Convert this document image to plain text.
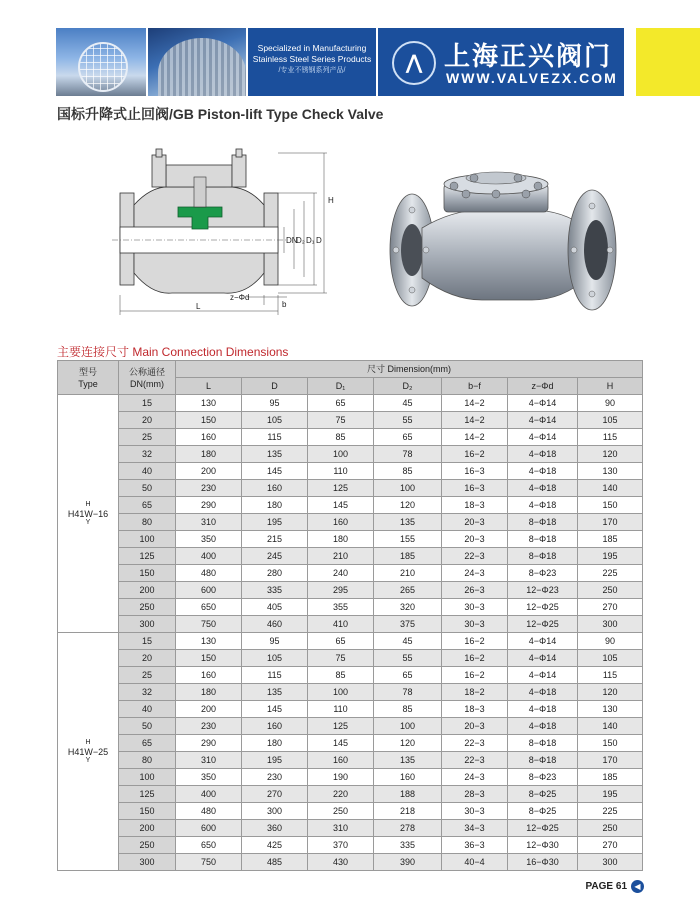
Specialized in Manufacturing
Stainless Steel Series Products
/专业不锈钢系列产品/	⋀ 上海正兴阀门
WWW.VALVEZX.COM
国标升降式止回阀/GB Piston-lift Type Check Valve
H
DN
D₂ D₁ D
z−Φd
b
L
主要连接尺寸 Main Connection Dimensions
型号
Type	公称通径
DN(mm)	尺寸 Dimension(mm)						
		L	D	D₁	D₂	b−f	z−Φd	H

H
H41W−16
Y	15	130	95	65	45	14−2	4−Φ14	90
	20	150	105	75	55	14−2	4−Φ14	105
	25	160	115	85	65	14−2	4−Φ14	115
	32	180	135	100	78	16−2	4−Φ18	120
	40	200	145	110	85	16−3	4−Φ18	130
	50	230	160	125	100	16−3	4−Φ18	140
	65	290	180	145	120	18−3	4−Φ18	150
	80	310	195	160	135	20−3	8−Φ18	170
	100	350	215	180	155	20−3	8−Φ18	185
	125	400	245	210	185	22−3	8−Φ18	195
	150	480	280	240	210	24−3	8−Φ23	225
	200	600	335	295	265	26−3	12−Φ23	250
	250	650	405	355	320	30−3	12−Φ25	270
	300	750	460	410	375	30−3	12−Φ25	300

H
H41W−25
Y	15	130	95	65	45	16−2	4−Φ14	90
	20	150	105	75	55	16−2	4−Φ14	105
	25	160	115	85	65	16−2	4−Φ14	115
	32	180	135	100	78	18−2	4−Φ18	120
	40	200	145	110	85	18−3	4−Φ18	130
	50	230	160	125	100	20−3	4−Φ18	140
	65	290	180	145	120	22−3	8−Φ18	150
	80	310	195	160	135	22−3	8−Φ18	170
	100	350	230	190	160	24−3	8−Φ23	185
	125	400	270	220	188	28−3	8−Φ25	195
	150	480	300	250	218	30−3	8−Φ25	225
	200	600	360	310	278	34−3	12−Φ25	250
	250	650	425	370	335	36−3	12−Φ30	270
	300	750	485	430	390	40−4	16−Φ30	300
PAGE 61 ◀
